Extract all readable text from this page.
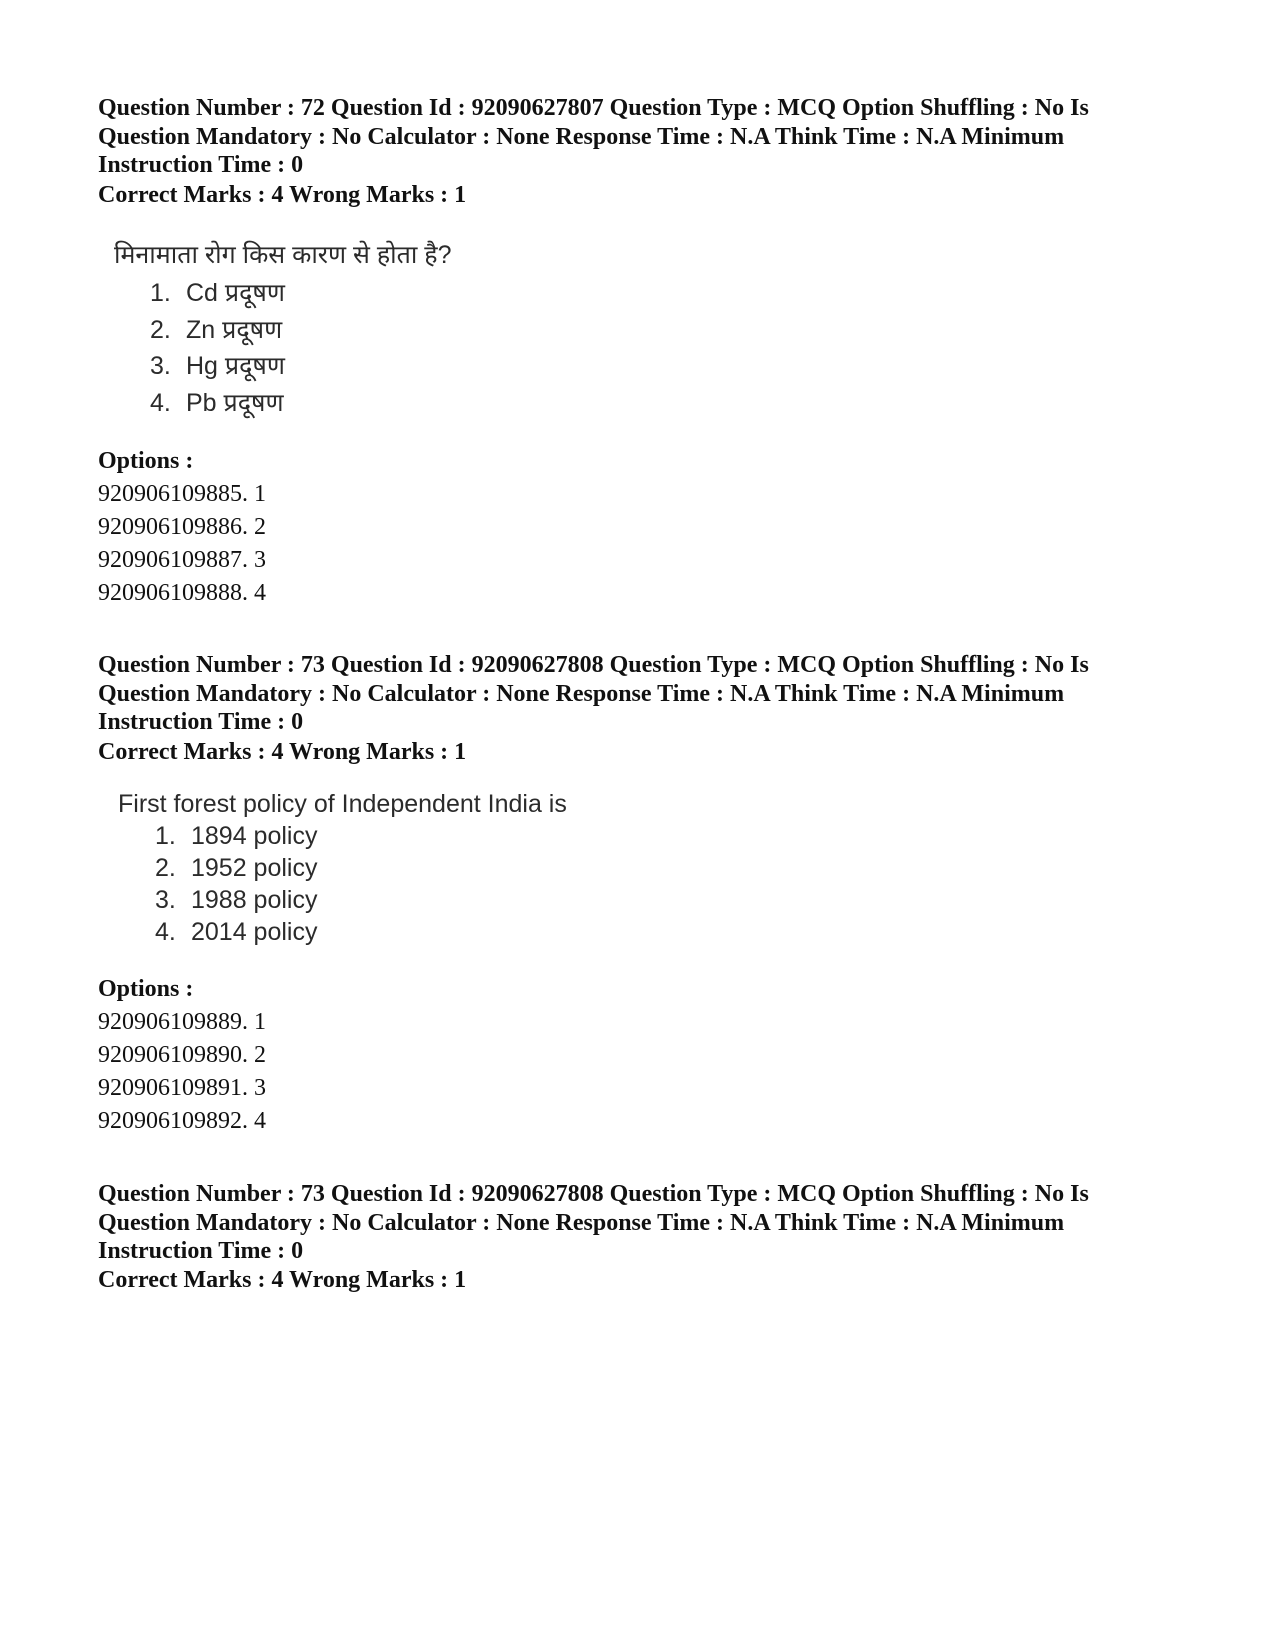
Question Number : 72 Question Id : 92090627807 Question Type : MCQ Option Shuffling : No Is

Question Mandatory : No Calculator : None Response Time : N.A Think Time : N.A Minimum

Instruction Time : 0

Correct Marks : 4 Wrong Marks : 1
मिनामाता रोग किस कारण से होता है?
1. Cd प्रदूषण
2. Zn प्रदूषण
3. Hg प्रदूषण
4. Pb प्रदूषण
Options :
920906109885. 1
920906109886. 2
920906109887. 3
920906109888. 4

Question Number : 73 Question Id : 92090627808 Question Type : MCQ Option Shuffling : No Is

Question Mandatory : No Calculator : None Response Time : N.A Think Time : N.A Minimum

Instruction Time : 0

Correct Marks : 4 Wrong Marks : 1
First forest policy of Independent India is
1. 1894 policy
2. 1952 policy
3. 1988 policy
4. 2014 policy
Options :
920906109889. 1
920906109890. 2
920906109891. 3
920906109892. 4

Question Number : 73 Question Id : 92090627808 Question Type : MCQ Option Shuffling : No Is

Question Mandatory : No Calculator : None Response Time : N.A Think Time : N.A Minimum

Instruction Time : 0

Correct Marks : 4 Wrong Marks : 1
